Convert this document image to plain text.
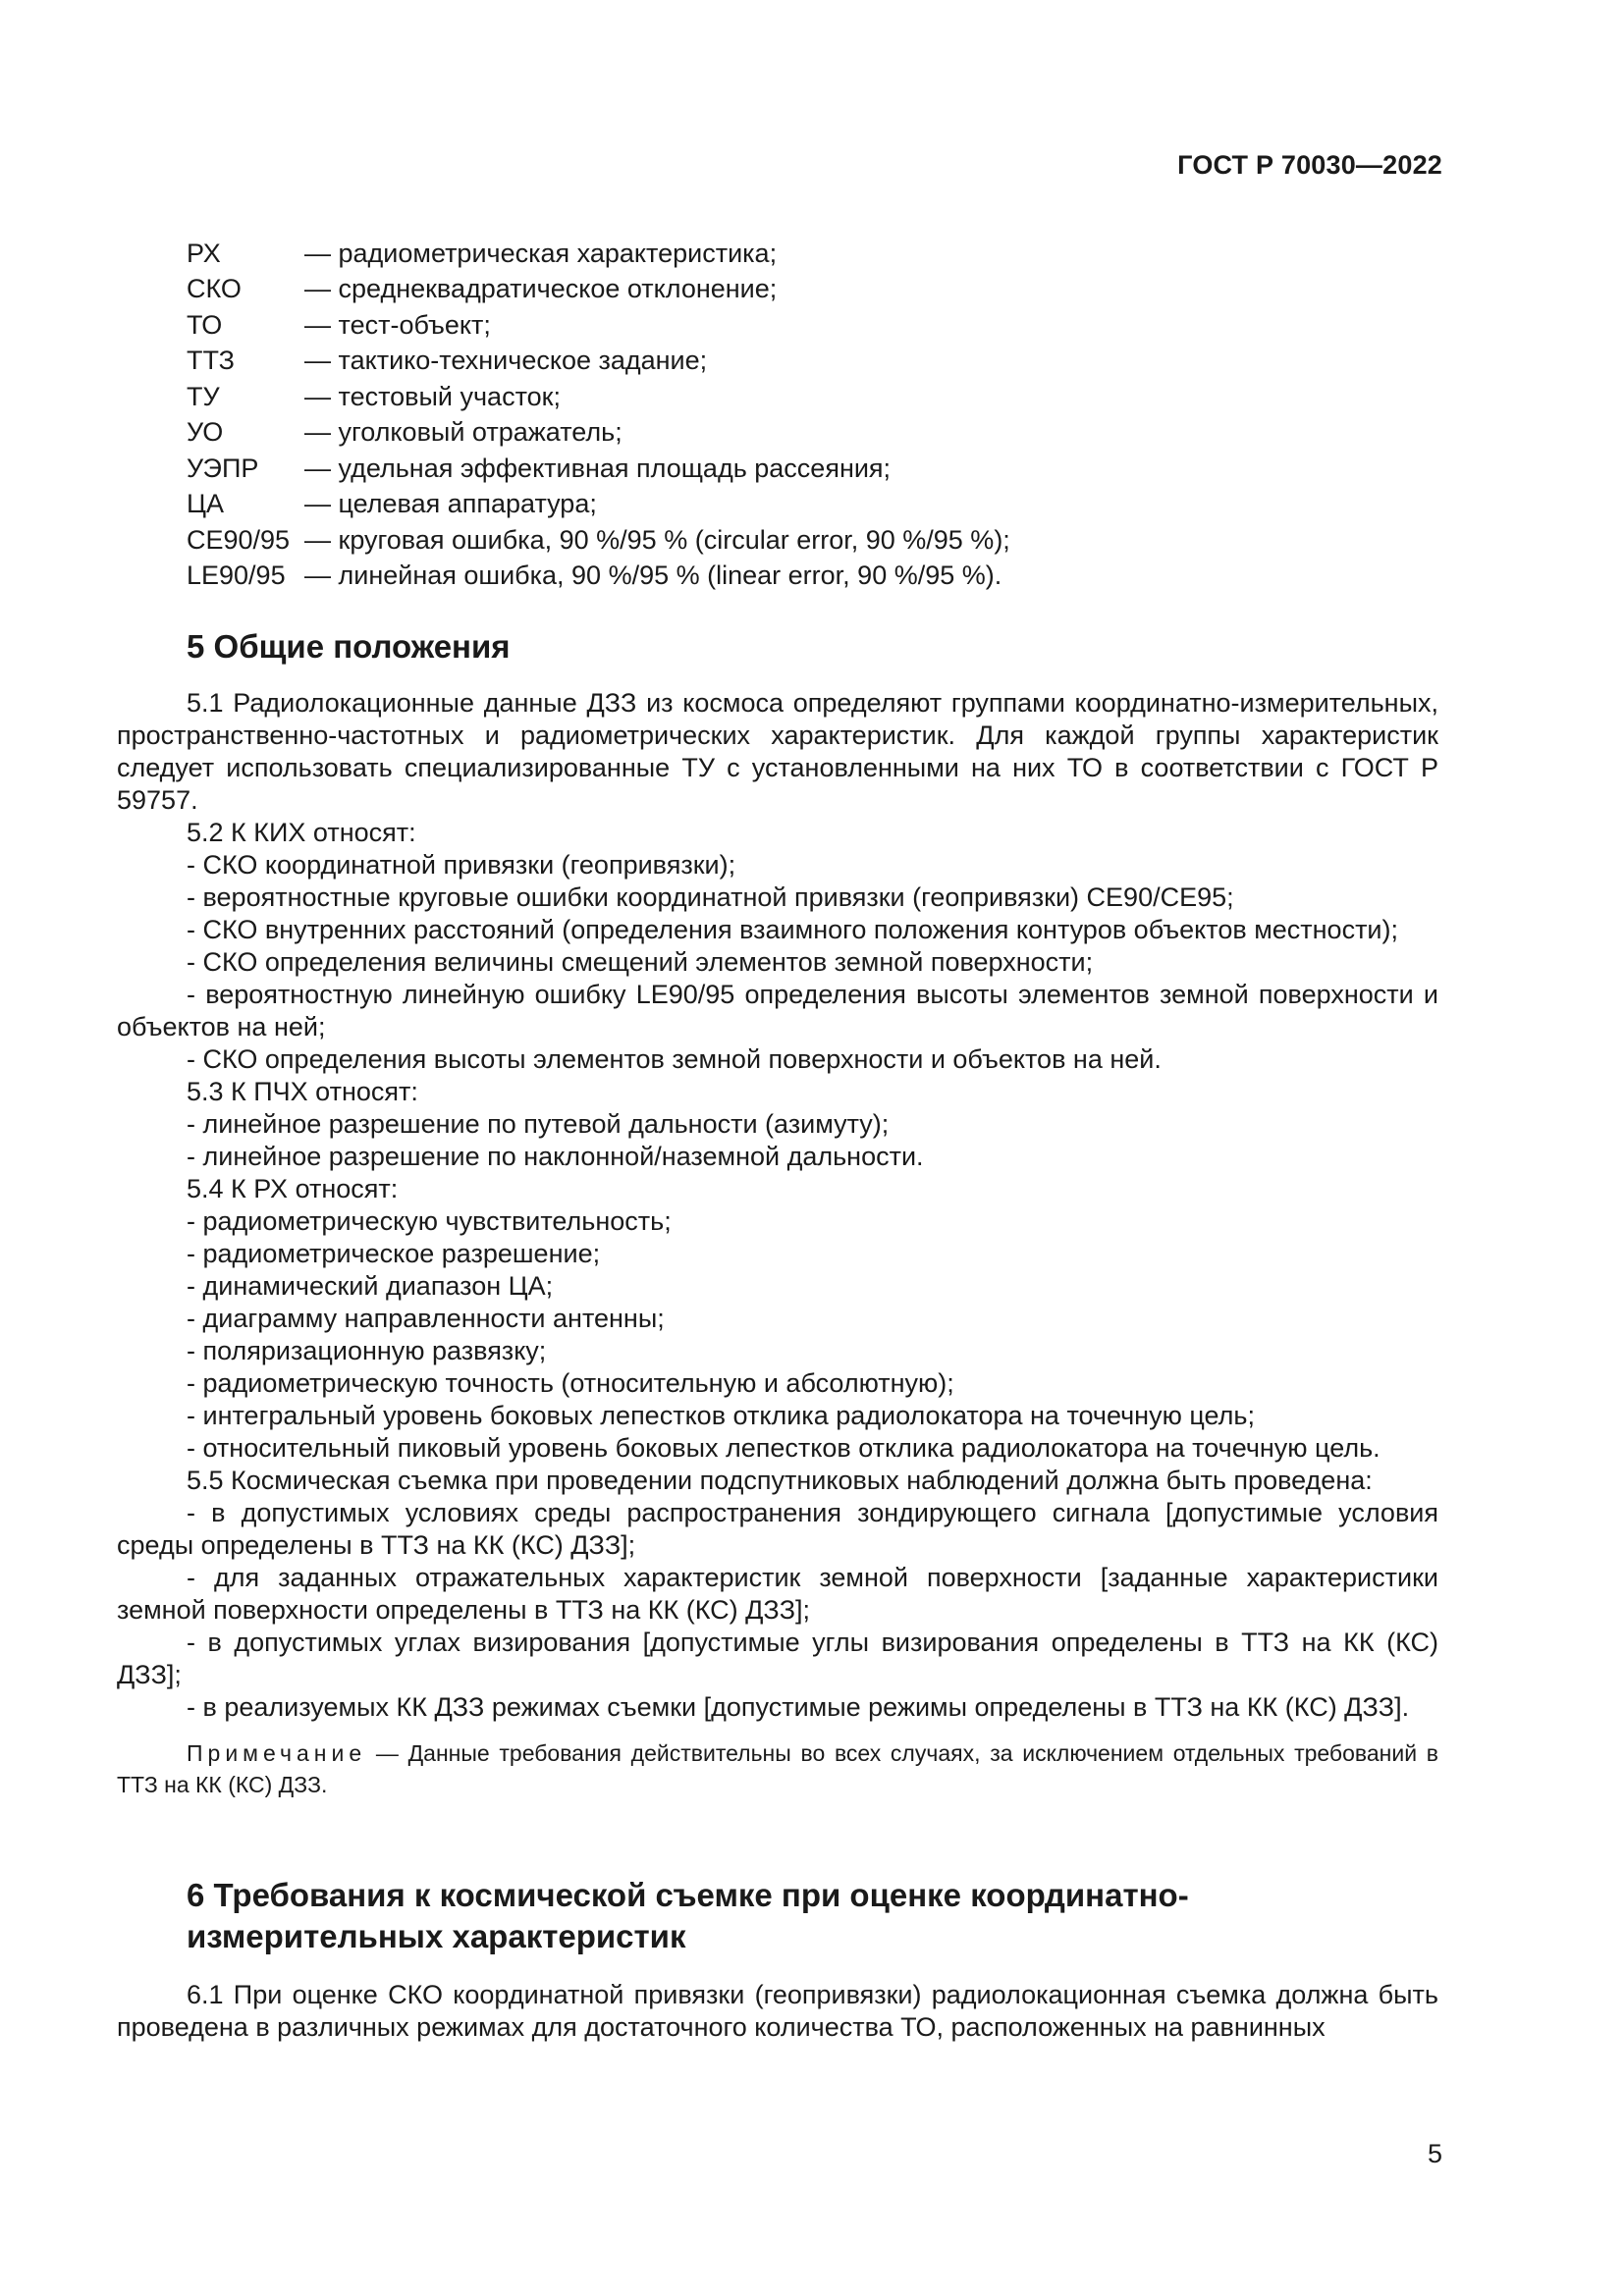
ГОСТ Р 70030—2022
РХ	— радиометрическая характеристика;
СКО	— среднеквадратическое отклонение;
ТО	— тест-объект;
ТТЗ	— тактико-техническое задание;
ТУ	— тестовый участок;
УО	— уголковый отражатель;
УЭПР	— удельная эффективная площадь рассеяния;
ЦА	— целевая аппаратура;
CE90/95 — круговая ошибка, 90 %/95 % (circular error, 90 %/95 %);
LE90/95 — линейная ошибка, 90 %/95 % (linear error, 90 %/95 %).
5 Общие положения

5.1 Радиолокационные данные ДЗЗ из космоса определяют группами координатно-измерительных, пространственно-частотных и радиометрических характеристик. Для каждой группы характеристик следует использовать специализированные ТУ с установленными на них ТО в соответствии с ГОСТ Р 59757.

5.2 К КИХ относят:

- СКО координатной привязки (геопривязки);

- вероятностные круговые ошибки координатной привязки (геопривязки) CE90/CE95;

- СКО внутренних расстояний (определения взаимного положения контуров объектов местности);

- СКО определения величины смещений элементов земной поверхности;

- вероятностную линейную ошибку LE90/95 определения высоты элементов земной поверхности и объектов на ней;

- СКО определения высоты элементов земной поверхности и объектов на ней.

5.3 К ПЧХ относят:

- линейное разрешение по путевой дальности (азимуту);

- линейное разрешение по наклонной/наземной дальности.

5.4 К РХ относят:

- радиометрическую чувствительность;

- радиометрическое разрешение;

- динамический диапазон ЦА;

- диаграмму направленности антенны;

- поляризационную развязку;

- радиометрическую точность (относительную и абсолютную);

- интегральный уровень боковых лепестков отклика радиолокатора на точечную цель;

- относительный пиковый уровень боковых лепестков отклика радиолокатора на точечную цель.

5.5 Космическая съемка при проведении подспутниковых наблюдений должна быть проведена:

- в допустимых условиях среды распространения зондирующего сигнала [допустимые условия среды определены в ТТЗ на КК (КС) ДЗЗ];

- для заданных отражательных характеристик земной поверхности [заданные характеристики земной поверхности определены в ТТЗ на КК (КС) ДЗЗ];

- в допустимых углах визирования [допустимые углы визирования определены в ТТЗ на КК (КС) ДЗЗ];

- в реализуемых КК ДЗЗ режимах съемки [допустимые режимы определены в ТТЗ на КК (КС) ДЗЗ].

Примечание — Данные требования действительны во всех случаях, за исключением отдельных требований в ТТЗ на КК (КС) ДЗЗ.

6 Требования к космической съемке при оценке координатно-
измерительных характеристик

6.1 При оценке СКО координатной привязки (геопривязки) радиолокационная съемка должна быть проведена в различных режимах для достаточного количества ТО, расположенных на равнинных

5
